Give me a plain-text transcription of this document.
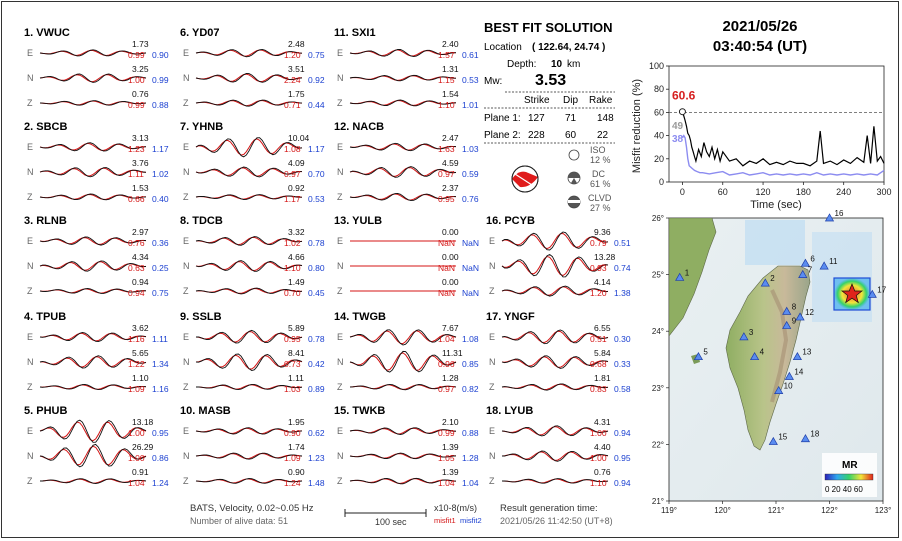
1. VWUC
E
1.73
0.99 0.90
N
3.25
1.00 0.99
Z
0.76
0.99 0.88
2. SBCB
E
3.13
1.23 1.17
N
3.76
1.11 1.02
Z
1.53
0.66 0.40
3. RLNB
E
2.97
0.76 0.36
N
4.34
0.63 0.25
Z
0.94
0.94 0.75
4. TPUB
E
3.62
1.16 1.11
N
5.65
1.22 1.34
Z
1.10
1.09 1.16
5. PHUB
E
13.18
1.00 0.95
N
26.29
1.00 0.86
Z
0.91
1.04 1.24
6. YD07
E
2.48
1.20 0.75
N
3.51
2.24 0.92
Z
1.75
0.71 0.44
7. YHNB
E
10.04
1.08 1.17
N
4.09
0.97 0.70
Z
0.92
1.17 0.53
8. TDCB
E
3.32
1.02 0.78
N
4.66
1.10 0.80
Z
1.49
0.70 0.45
9. SSLB
E
5.89
0.95 0.78
N
8.41
0.73 0.42
Z
1.11
1.03 0.89
10. MASB
E
1.95
0.90 0.62
N
1.74
1.09 1.23
Z
0.90
1.24 1.48
11. SXI1
E
2.40
1.57 0.61
N
1.31
1.15 0.53
Z
1.54
1.10 1.01
12. NACB
E
2.47
1.63 1.03
N
4.59
0.97 0.59
Z
2.37
0.95 0.76
13. YULB
E
0.00
NaN NaN
N
0.00
NaN NaN
Z
0.00
NaN NaN
14. TWGB
E
7.67
1.04 1.08
N
11.31
0.96 0.85
Z
1.28
0.97 0.82
15. TWKB
E
2.10
0.99 0.88
N
1.39
1.05 1.28
Z
1.39
1.04 1.04
16. PCYB
E
9.36
0.79 0.51
N
13.28
0.93 0.74
Z
4.14
1.20 1.38
17. YNGF
E
6.55
0.51 0.30
N
5.84
0.68 0.33
Z
1.81
0.83 0.58
18. LYUB
E
4.31
1.00 0.94
N
4.40
1.00 0.95
Z
0.76
1.10 0.94
BEST FIT SOLUTION
Location ( 122.64, 24.74 )
Depth: 10 km
Mw: 3.53
Strike Dip Rake
Plane 1: 127 71 148
Plane 2: 228 60 22
ISO
12 %
DC
61 %
CLVD
27 %
2021/05/26
03:40:54 (UT)
0
20
40
60
80
100
0	60	120	180	240	300
Misfit reduction (%)
Time (sec)
60.6
49
38
1
2
3
4
5
6
7
8
9
10
11
12
13
14
15
16
17
18
119°	120°	121°	122°	123°
21°
22°
23°
24°
25°
26°
MR
0 20 40 60
BATS, Velocity, 0.02~0.05 Hz
Number of alive data: 51	100 sec
x10-8(m/s)
misfit1 misfit2
Result generation time:
2021/05/26 11:42:50 (UT+8)
